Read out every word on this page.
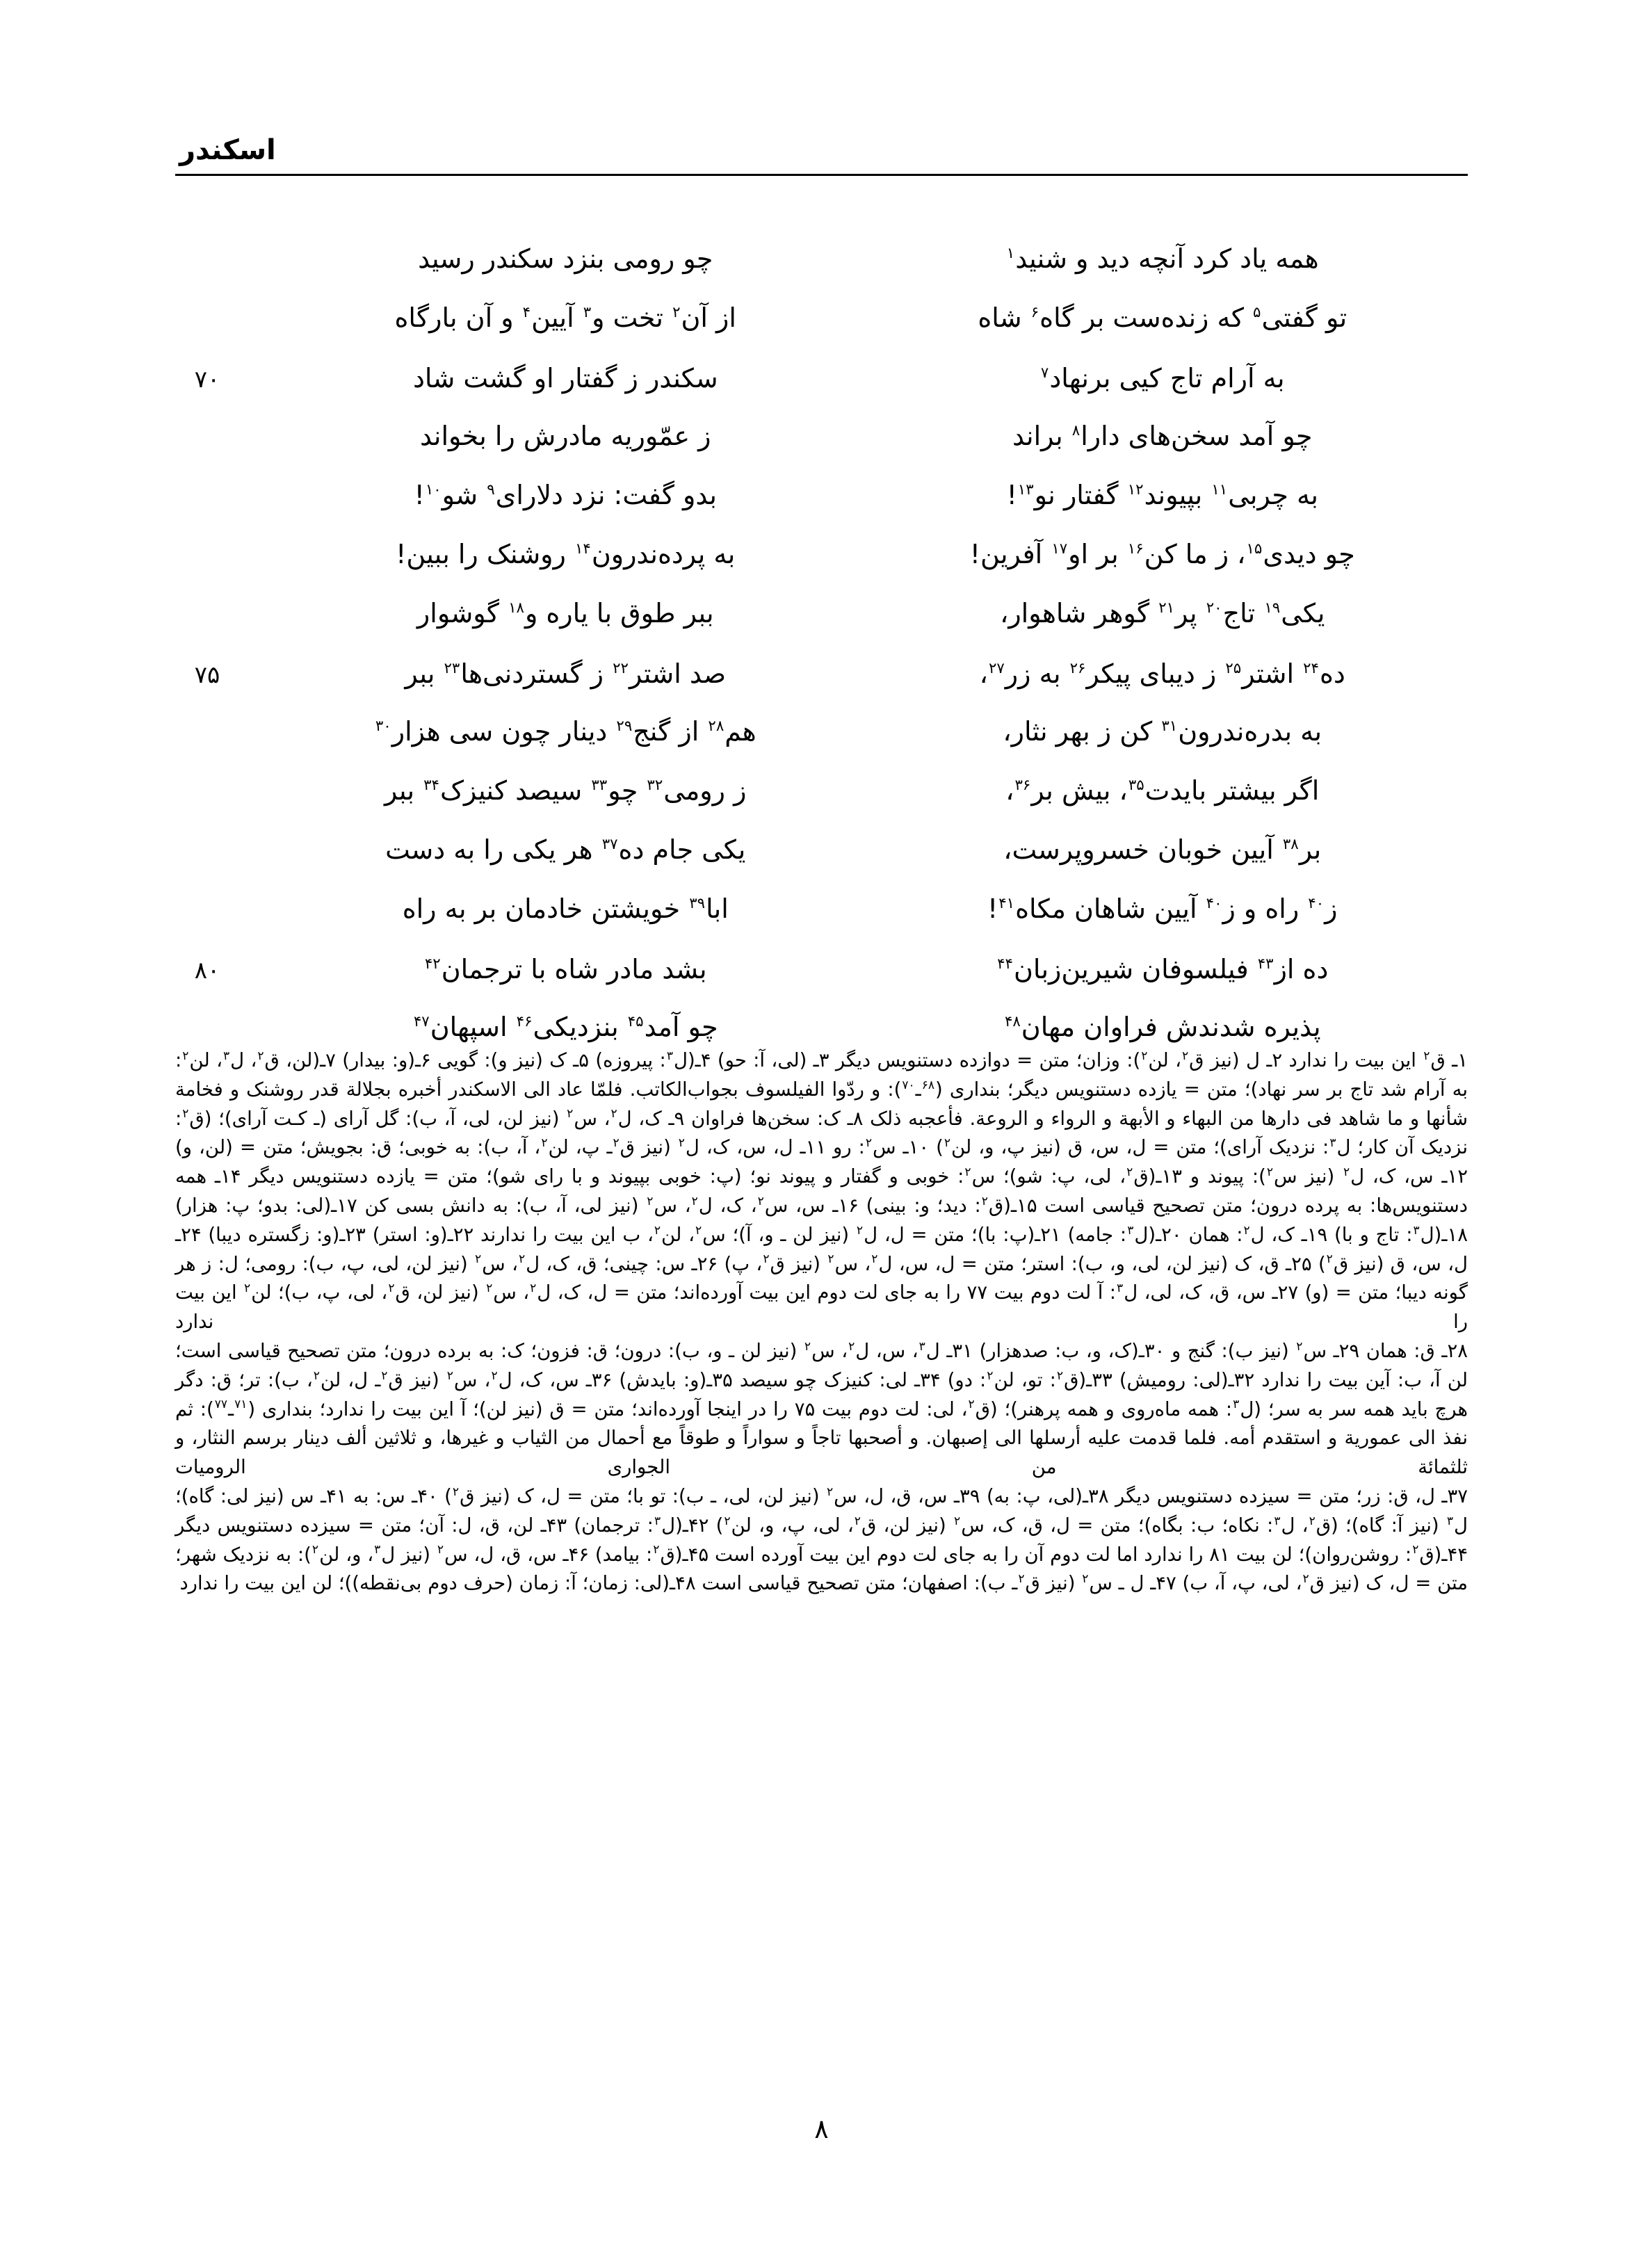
اسکندر
همه یاد کرد آنچه دید و شنید$^۱$
چو رومی بنزد سکندر رسید
تو گفتی$^۵$ که زنده‌ست بر گاه$^۶$ شاه
از آن$^۲$ تخت و$^۳$ آیین$^۴$ و آن بارگاه
به آرام تاج کیی برنهاد$^۷$
سکندر ز گفتار او گشت شاد
۷۰
چو آمد سخن‌های دارا$^۸$ براند
ز عمّوریه مادرش را بخواند
به چربی$^{۱۱}$ بپیوند$^{۱۲}$ گفتار نو$^{۱۳}$!
بدو گفت: نزد دلارای$^۹$ شو$^{۱۰}$!
چو دیدی$^{۱۵}$، ز ما کن$^{۱۶}$ بر او$^{۱۷}$ آفرین!
به پرده‌ندرون$^{۱۴}$ روشنک را ببین!
یکی$^{۱۹}$ تاج$^{۲۰}$ پر$^{۲۱}$ گوهر شاهوار،
ببر طوق با یاره و$^{۱۸}$ گوشوار
ده$^{۲۴}$ اشتر$^{۲۵}$ ز دیبای پیکر$^{۲۶}$ به زر$^{۲۷}$،
صد اشتر$^{۲۲}$ ز گستردنی‌ها$^{۲۳}$ ببر
۷۵
به بدره‌ندرون$^{۳۱}$ کن ز بهر نثار،
هم$^{۲۸}$ از گنج$^{۲۹}$ دینار چون سی هزار$^{۳۰}$
اگر بیشتر بایدت$^{۳۵}$، بیش بر$^{۳۶}$،
ز رومی$^{۳۲}$ چو$^{۳۳}$ سیصد کنیزک$^{۳۴}$ ببر
بر$^{۳۸}$ آیین خوبان خسروپرست،
یکی جام ده$^{۳۷}$ هر یکی را به دست
ز$^{۴۰}$ راه و ز$^{۴۰}$ آیین شاهان مکاه$^{۴۱}$!
ابا$^{۳۹}$ خویشتن خادمان بر به راه
ده از$^{۴۳}$ فیلسوفان شیرین‌زبان$^{۴۴}$
بشد مادر شاه با ترجمان$^{۴۲}$
۸۰
پذیره شدندش فراوان مهان$^{۴۸}$
چو آمد$^{۴۵}$ بنزدیکی$^{۴۶}$ اسپهان$^{۴۷}$

۱ـ ق$^۲$ این بیت را ندارد ۲ـ ل (نیز ق$^۲$، لن$^۲$): وزان؛ متن = دوازده دستنویس دیگر ۳ـ (لی، آ: حو) ۴ـ(ل$^۳$: پیروزه) ۵ـ ک (نیز و): گویی ۶ـ(و: بیدار) ۷ـ(لن، ق$^۲$، ل$^۳$، لن$^۲$: به آرام شد تاج بر سر نهاد)؛ متن = یازده دستنویس دیگر؛ بنداری ($^{۶۸}$ـ$^{۷۰}$): و ردّوا الفیلسوف بجواب‌الکاتب. فلمّا عاد الی الاسکندر أخبره بجلالة قدر روشنک و فخامة شأنها و ما شاهد فی دارها من البهاء و الأبهة و الرواء و الروعة. فأعجبه ذلک ۸ـ ک: سخن‌ها فراوان ۹ـ ک، ل$^۲$، س$^۲$ (نیز لن، لی، آ، ب): گل آرای (ـ کـت آرای)؛ (ق$^۲$: نزدیک آن کار؛ ل$^۳$: نزدیک آرای)؛ متن = ل، س، ق (نیز پ، و، لن$^۲$) ۱۰ـ س$^۲$: رو ۱۱ـ ل، س، ک، ل$^۲$ (نیز ق$^۲$ـ پ، لن$^۲$، آ، ب): به خوبی؛ ق: بجویش؛ متن = (لن، و)

۱۲ـ س، ک، ل$^۲$ (نیز س$^۲$): پیوند و ۱۳ـ(ق$^۲$، لی، پ: شو)؛ س$^۲$: خوبی و گفتار و پیوند نو؛ (پ: خوبی بپیوند و با رای شو)؛ متن = یازده دستنویس دیگر ۱۴ـ همه دستنویس‌ها: به پرده درون؛ متن تصحیح قیاسی است ۱۵ـ(ق$^۲$: دید؛ و: بینی) ۱۶ـ س، س$^۲$، ک، ل$^۲$، س$^۲$ (نیز لی، آ، ب): به دانش بسی کن ۱۷ـ(لی: بدو؛ پ: هزار) ۱۸ـ(ل$^۳$: تاج و با) ۱۹ـ ک، ل$^۲$: همان ۲۰ـ(ل$^۳$: جامه) ۲۱ـ(پ: با)؛ متن = ل، ل$^۲$ (نیز لن ـ و، آ)؛ س$^۲$، لن$^۲$، ب این بیت را ندارند ۲۲ـ(و: استر) ۲۳ـ(و: زگستره دیبا) ۲۴ـ ل، س، ق (نیز ق$^۲$) ۲۵ـ ق، ک (نیز لن، لی، و، ب): استر؛ متن = ل، س، ل$^۲$، س$^۲$ (نیز ق$^۲$، پ) ۲۶ـ س: چینی؛ ق، ک، ل$^۲$، س$^۲$ (نیز لن، لی، پ، ب): رومی؛ ل: ز هر گونه دیبا؛ متن = (و) ۲۷ـ س، ق، ک، لی، ل$^۳$: آ لت دوم بیت ۷۷ را به جای لت دوم این بیت آورده‌اند؛ متن = ل، ک، ل$^۲$، س$^۲$ (نیز لن، ق$^۲$، لی، پ، ب)؛ لن$^۲$ این بیت را ندارد

۲۸ـ ق: همان ۲۹ـ س$^۲$ (نیز ب): گنج و ۳۰ـ(ک، و، ب: صدهزار) ۳۱ـ ل$^۳$، س، ل$^۲$، س$^۲$ (نیز لن ـ و، ب): درون؛ ق: فزون؛ ک: به برده درون؛ متن تصحیح قیاسی است؛ لن آ، ب: آین بیت را ندارد ۳۲ـ(لی: رومیش) ۳۳ـ(ق$^۲$: تو، لن$^۲$: دو) ۳۴ـ لی: کنیزک چو سیصد ۳۵ـ(و: بایدش) ۳۶ـ س، ک، ل$^۲$، س$^۲$ (نیز ق$^۲$ـ ل، لن$^۲$، ب): تر؛ ق: دگر هرچ باید همه سر به سر؛ (ل$^۳$: همه ماه‌روی و همه پرهنر)؛ (ق$^۲$، لی: لت دوم بیت ۷۵ را در اینجا آورده‌اند؛ متن = ق (نیز لن)؛ آ این بیت را ندارد؛ بنداری ($^{۷۱}$ـ$^{۷۷}$): ثم نفذ الی عموریة و استقدم أمه. فلما قدمت علیه أرسلها الی إصبهان. و أصحبها تاجاً و سواراً و طوقاً مع أحمال من الثیاب و غیرها، و ثلاثین ألف دینار برسم النثار، و ثلثمائة من الجواری الرومیات

۳۷ـ ل، ق: زر؛ متن = سیزده دستنویس دیگر ۳۸ـ(لی، پ: به) ۳۹ـ س، ق، ل، س$^۲$ (نیز لن، لی، ـ ب): تو با؛ متن = ل، ک (نیز ق$^۲$) ۴۰ـ س: به ۴۱ـ س (نیز لی: گاه)؛ ل$^۳$ (نیز آ: گاه)؛ (ق$^۲$، ل$^۳$: نکاه؛ ب: بگاه)؛ متن = ل، ق، ک، س$^۲$ (نیز لن، ق$^۲$، لی، پ، و، لن$^۲$) ۴۲ـ(ل$^۳$: ترجمان) ۴۳ـ لن، ق، ل: آن؛ متن = سیزده دستنویس دیگر ۴۴ـ(ق$^۲$: روشن‌روان)؛ لن بیت ۸۱ را ندارد اما لت دوم آن را به جای لت دوم این بیت آورده است ۴۵ـ(ق$^۲$: بیامد) ۴۶ـ س، ق، ل، س$^۲$ (نیز ل$^۳$، و، لن$^۲$): به نزدیک شهر؛ متن = ل، ک (نیز ق$^۲$، لی، پ، آ، ب) ۴۷ـ ل ـ س$^۲$ (نیز ق$^۲$ـ ب): اصفهان؛ متن تصحیح قیاسی است ۴۸ـ(لی: زمان؛ آ: زمان (حرف دوم بی‌نقطه))؛ لن این بیت را ندارد

۸
